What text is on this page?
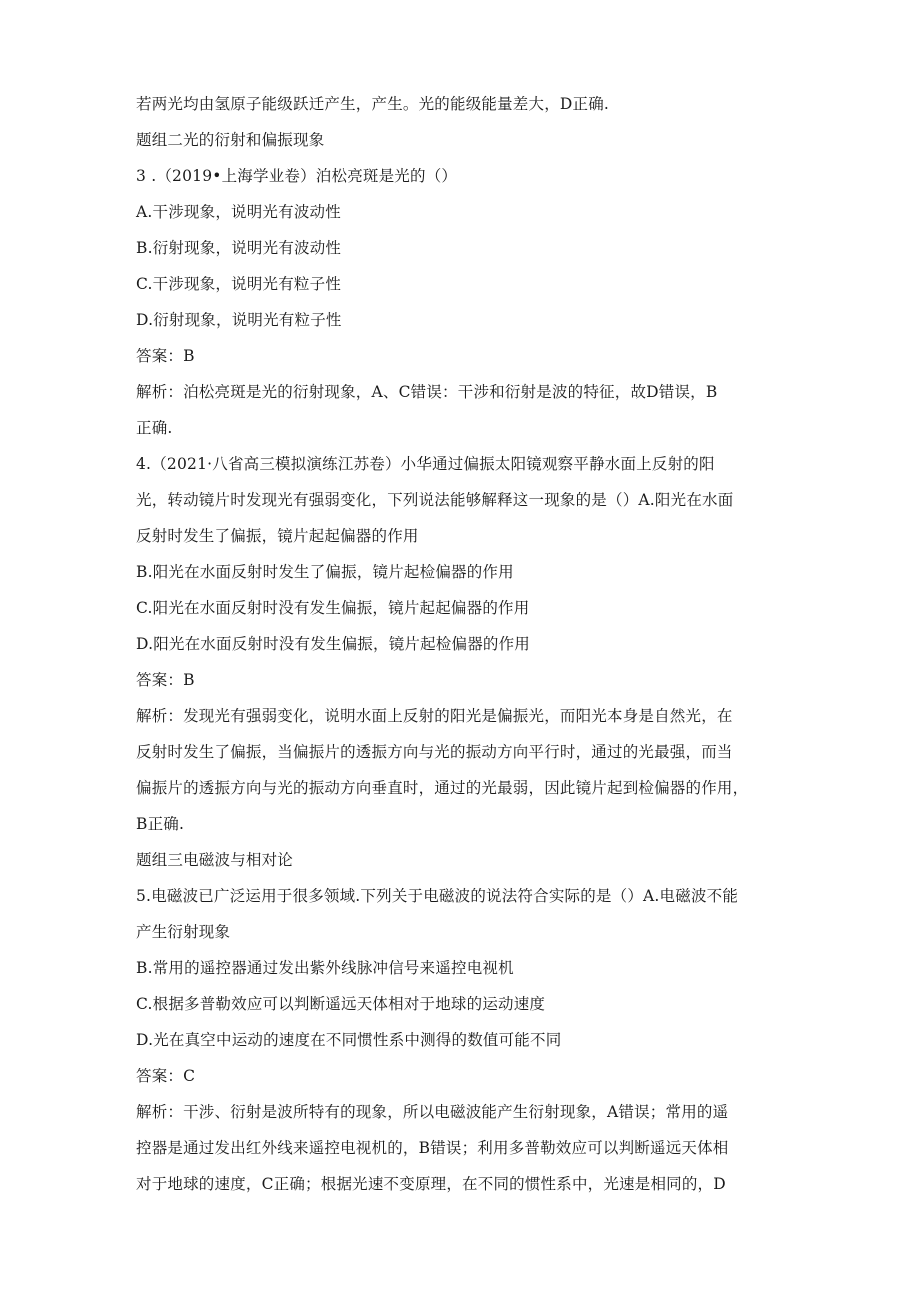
若两光均由氢原子能级跃迁产生，产生。光的能级能量差大，D正确.
题组二光的衍射和偏振现象
3 .（2019•上海学业卷）泊松亮斑是光的（）
A.干涉现象，说明光有波动性
B.衍射现象，说明光有波动性
C.干涉现象，说明光有粒子性
D.衍射现象，说明光有粒子性
答案：B
解析：泊松亮斑是光的衍射现象，A、C错误：干涉和衍射是波的特征，故D错误，B
正确.
4.（2021·八省高三模拟演练江苏卷）小华通过偏振太阳镜观察平静水面上反射的阳
光，转动镜片时发现光有强弱变化，下列说法能够解释这一现象的是（）A.阳光在水面
反射时发生了偏振，镜片起起偏器的作用
B.阳光在水面反射时发生了偏振，镜片起检偏器的作用
C.阳光在水面反射时没有发生偏振，镜片起起偏器的作用
D.阳光在水面反射时没有发生偏振，镜片起检偏器的作用
答案：B
解析：发现光有强弱变化，说明水面上反射的阳光是偏振光，而阳光本身是自然光，在
反射时发生了偏振，当偏振片的透振方向与光的振动方向平行时，通过的光最强，而当
偏振片的透振方向与光的振动方向垂直时，通过的光最弱，因此镜片起到检偏器的作用，
B正确.
题组三电磁波与相对论
5.电磁波已广泛运用于很多领域.下列关于电磁波的说法符合实际的是（）A.电磁波不能
产生衍射现象
B.常用的遥控器通过发出紫外线脉冲信号来遥控电视机
C.根据多普勒效应可以判断遥远天体相对于地球的运动速度
D.光在真空中运动的速度在不同惯性系中测得的数值可能不同
答案：C
解析：干涉、衍射是波所特有的现象，所以电磁波能产生衍射现象，A错误；常用的遥
控器是通过发出红外线来遥控电视机的，B错误；利用多普勒效应可以判断遥远天体相
对于地球的速度，C正确；根据光速不变原理，在不同的惯性系中，光速是相同的，D
